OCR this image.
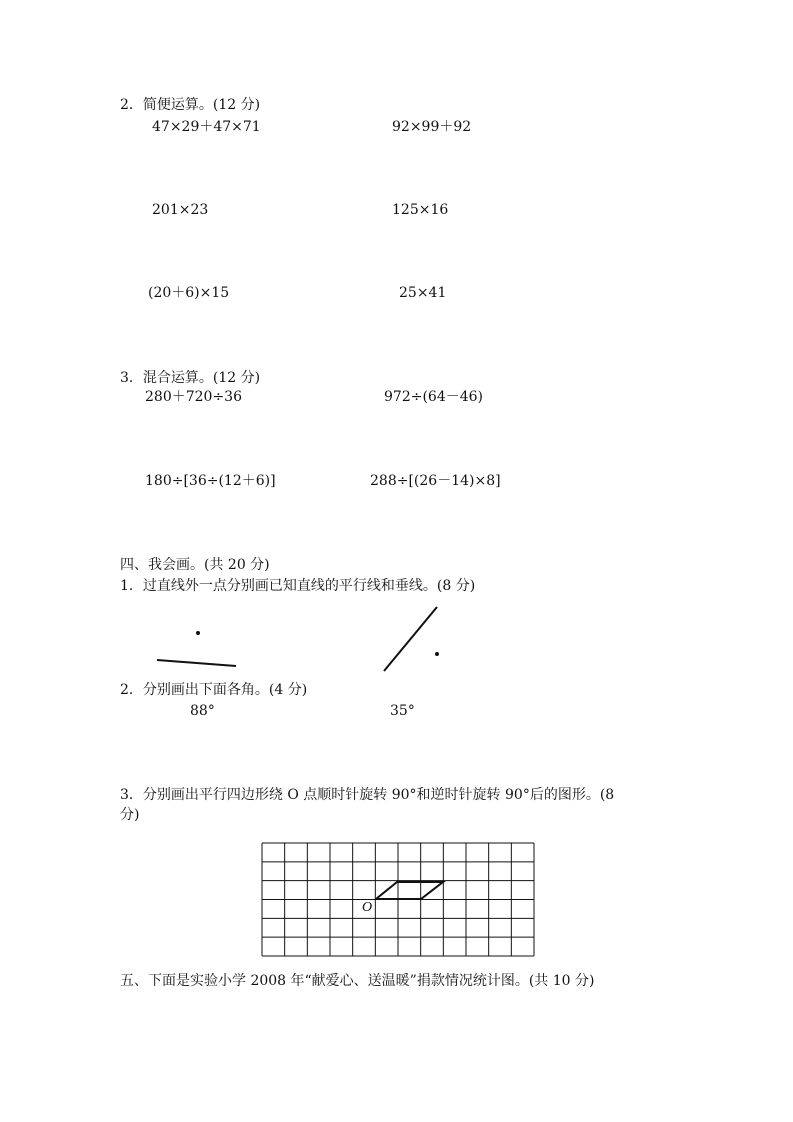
2．简便运算。(12 分)
47×29＋47×71	92×99＋92
201×23	125×16
(20＋6)×15	25×41
3．混合运算。(12 分)
280＋720÷36	972÷(64－46)
180÷[36÷(12＋6)]	288÷[(26－14)×8]
四、我会画。(共 20 分)
1．过直线外一点分别画已知直线的平行线和垂线。(8 分)
2．分别画出下面各角。(4 分)
88°	35°
3．分别画出平行四边形绕 O 点顺时针旋转 90°和逆时针旋转 90°后的图形。(8
分)
O
五、下面是实验小学 2008 年“献爱心、送温暖”捐款情况统计图。(共 10 分)
